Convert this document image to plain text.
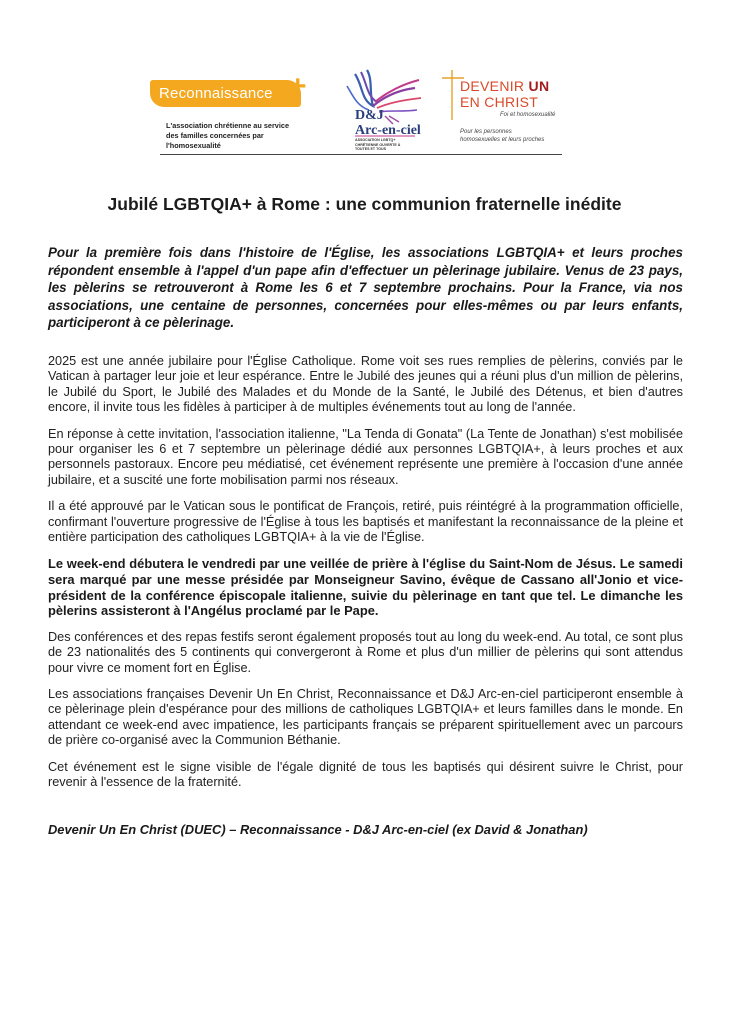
Reconnaissance +
L'association chrétienne au service
des familles concernées par l'homosexualité
D&J
Arc-en-ciel
ASSOCIATION LGBTQ+ CHRÉTIENNE OUVERTE À TOUTES ET TOUS
DEVENIR UN
EN CHRIST
Foi et homosexualité
Pour les personnes homosexuelles et leurs proches
Jubilé LGBTQIA+ à Rome : une communion fraternelle inédite

Pour la première fois dans l'histoire de l'Église, les associations LGBTQIA+ et leurs proches répondent ensemble à l'appel d'un pape afin d'effectuer un pèlerinage jubilaire. Venus de 23 pays, les pèlerins se retrouveront à Rome les 6 et 7 septembre prochains. Pour la France, via nos associations, une centaine de personnes, concernées pour elles-mêmes ou par leurs enfants, participeront à ce pèlerinage.

2025 est une année jubilaire pour l'Église Catholique. Rome voit ses rues remplies de pèlerins, conviés par le Vatican à partager leur joie et leur espérance. Entre le Jubilé des jeunes qui a réuni plus d'un million de pèlerins, le Jubilé du Sport, le Jubilé des Malades et du Monde de la Santé, le Jubilé des Détenus, et bien d'autres encore, il invite tous les fidèles à participer à de multiples événements tout au long de l'année.

En réponse à cette invitation, l'association italienne, "La Tenda di Gonata" (La Tente de Jonathan) s'est mobilisée pour organiser les 6 et 7 septembre un pèlerinage dédié aux personnes LGBTQIA+, à leurs proches et aux personnels pastoraux. Encore peu médiatisé, cet événement représente une première à l'occasion d'une année jubilaire, et a suscité une forte mobilisation parmi nos réseaux.

Il a été approuvé par le Vatican sous le pontificat de François, retiré, puis réintégré à la programmation officielle, confirmant l'ouverture progressive de l'Église à tous les baptisés et manifestant la reconnaissance de la pleine et entière participation des catholiques LGBTQIA+ à la vie de l'Église.

Le week-end débutera le vendredi par une veillée de prière à l'église du Saint-Nom de Jésus. Le samedi sera marqué par une messe présidée par Monseigneur Savino, évêque de Cassano all'Jonio et vice-président de la conférence épiscopale italienne, suivie du pèlerinage en tant que tel. Le dimanche les pèlerins assisteront à l'Angélus proclamé par le Pape.

Des conférences et des repas festifs seront également proposés tout au long du week-end. Au total, ce sont plus de 23 nationalités des 5 continents qui convergeront à Rome et plus d'un millier de pèlerins qui sont attendus pour vivre ce moment fort en Église.

Les associations françaises Devenir Un En Christ, Reconnaissance et D&J Arc-en-ciel participeront ensemble à ce pèlerinage plein d'espérance pour des millions de catholiques LGBTQIA+ et leurs familles dans le monde. En attendant ce week-end avec impatience, les participants français se préparent spirituellement avec un parcours de prière co-organisé avec la Communion Béthanie.

Cet événement est le signe visible de l'égale dignité de tous les baptisés qui désirent suivre le Christ, pour revenir à l'essence de la fraternité.

Devenir Un En Christ (DUEC) – Reconnaissance - D&J Arc-en-ciel (ex David & Jonathan)
